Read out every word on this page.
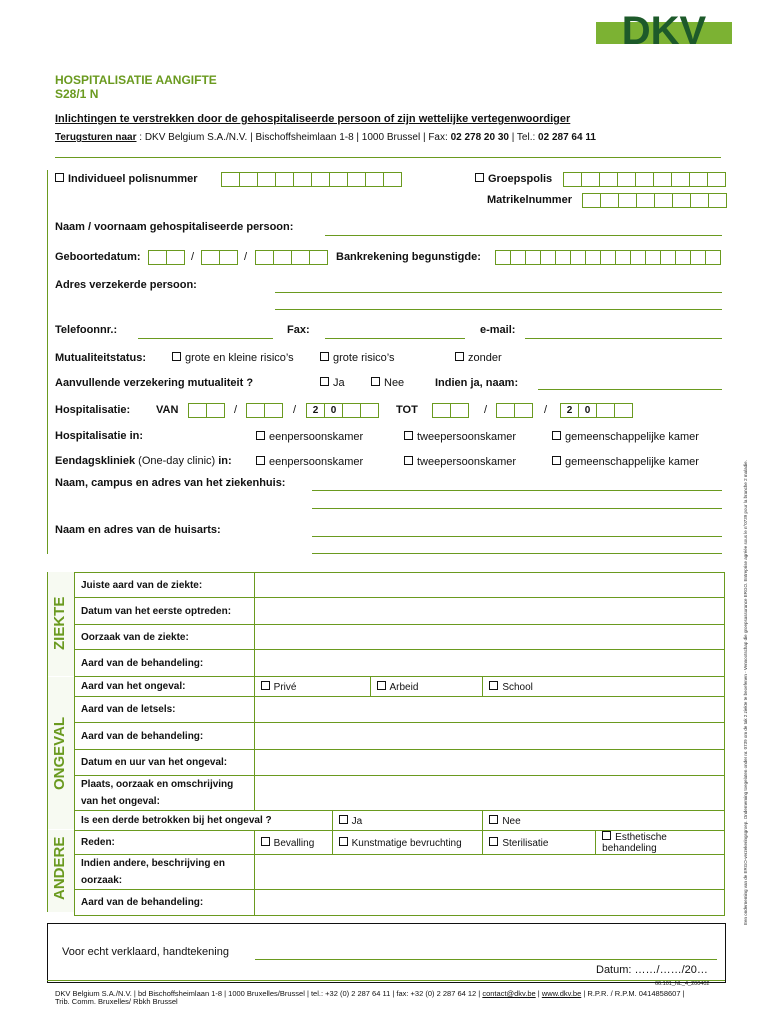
DKV
HOSPITALISATIE AANGIFTE
S28/1 N
Inlichtingen te verstrekken door de gehospitaliseerde persoon of zijn wettelijke vertegenwoordiger
Terugsturen naar : DKV Belgium S.A./N.V. | Bischoffsheimlaan 1-8 | 1000 Brussel | Fax: 02 278 20 30 | Tel.: 02 287 64 11
Individueel polisnummer	Groepspolis
Matrikelnummer
Naam / voornaam gehospitaliseerde persoon:
Geboortedatum:	/	/	Bankrekening begunstigde:
Adres verzekerde persoon:
Telefoonnr.:	Fax:	e-mail:
Mutualiteitstatus:	grote en kleine risico’s	grote risico’s	zonder
Aanvullende verzekering mutualiteit ?	Ja	Nee	Indien ja, naam:
Hospitalisatie: VAN	/	/	2	0	TOT	/	/	2	0
Hospitalisatie in:	eenpersoonskamer	tweepersoonskamer	gemeenschappelijke kamer
Eendagskliniek (One-day clinic) in:	eenpersoonskamer	tweepersoonskamer	gemeenschappelijke kamer
Naam, campus en adres van het ziekenhuis:
Naam en adres van de huisarts:
ZIEKTE
ONGEVAL
ANDERE
Juiste aard van de ziekte:					
Datum van het eerste optreden:					
Oorzaak van de ziekte:					
Aard van de behandeling:					
Aard van het ongeval:	Privé		Arbeid	School	
Aard van de letsels:					
Aard van de behandeling:					
Datum en uur van het ongeval:					
Plaats, oorzaak en omschrijving
van het ongeval:					
Is een derde betrokken bij het ongeval ?		Ja		Nee	
Reden:	Bevalling	Kunstmatige bevruchting		Sterilisatie	Esthetische behandeling
Indien andere, beschrijving en
oorzaak:					
Aard van de behandeling:					
Voor echt verklaard, handtekening
Datum: ……/……/20…
66.101_NL_4_200402
DKV Belgium S.A./N.V. | bd Bischoffsheimlaan 1-8 | 1000 Bruxelles/Brussel | tel.: +32 (0) 2 287 64 11 | fax: +32 (0) 2 287 64 12 | contact@dkv.be | www.dkv.be | R.P.R. / R.P.M. 0414858607 |
Trib. Comm. Bruxelles/ Rbkh Brussel
Een onderneming van de ERGO-verzekeringsgroep. Onderneming toegelaten onder nr. 0739 om de tak 2 ziekte te beoefenen - Vennootschap die groepsassurance ERGO. Entreprise agréée sous le n°0739 pour la branche 2 maladie.
